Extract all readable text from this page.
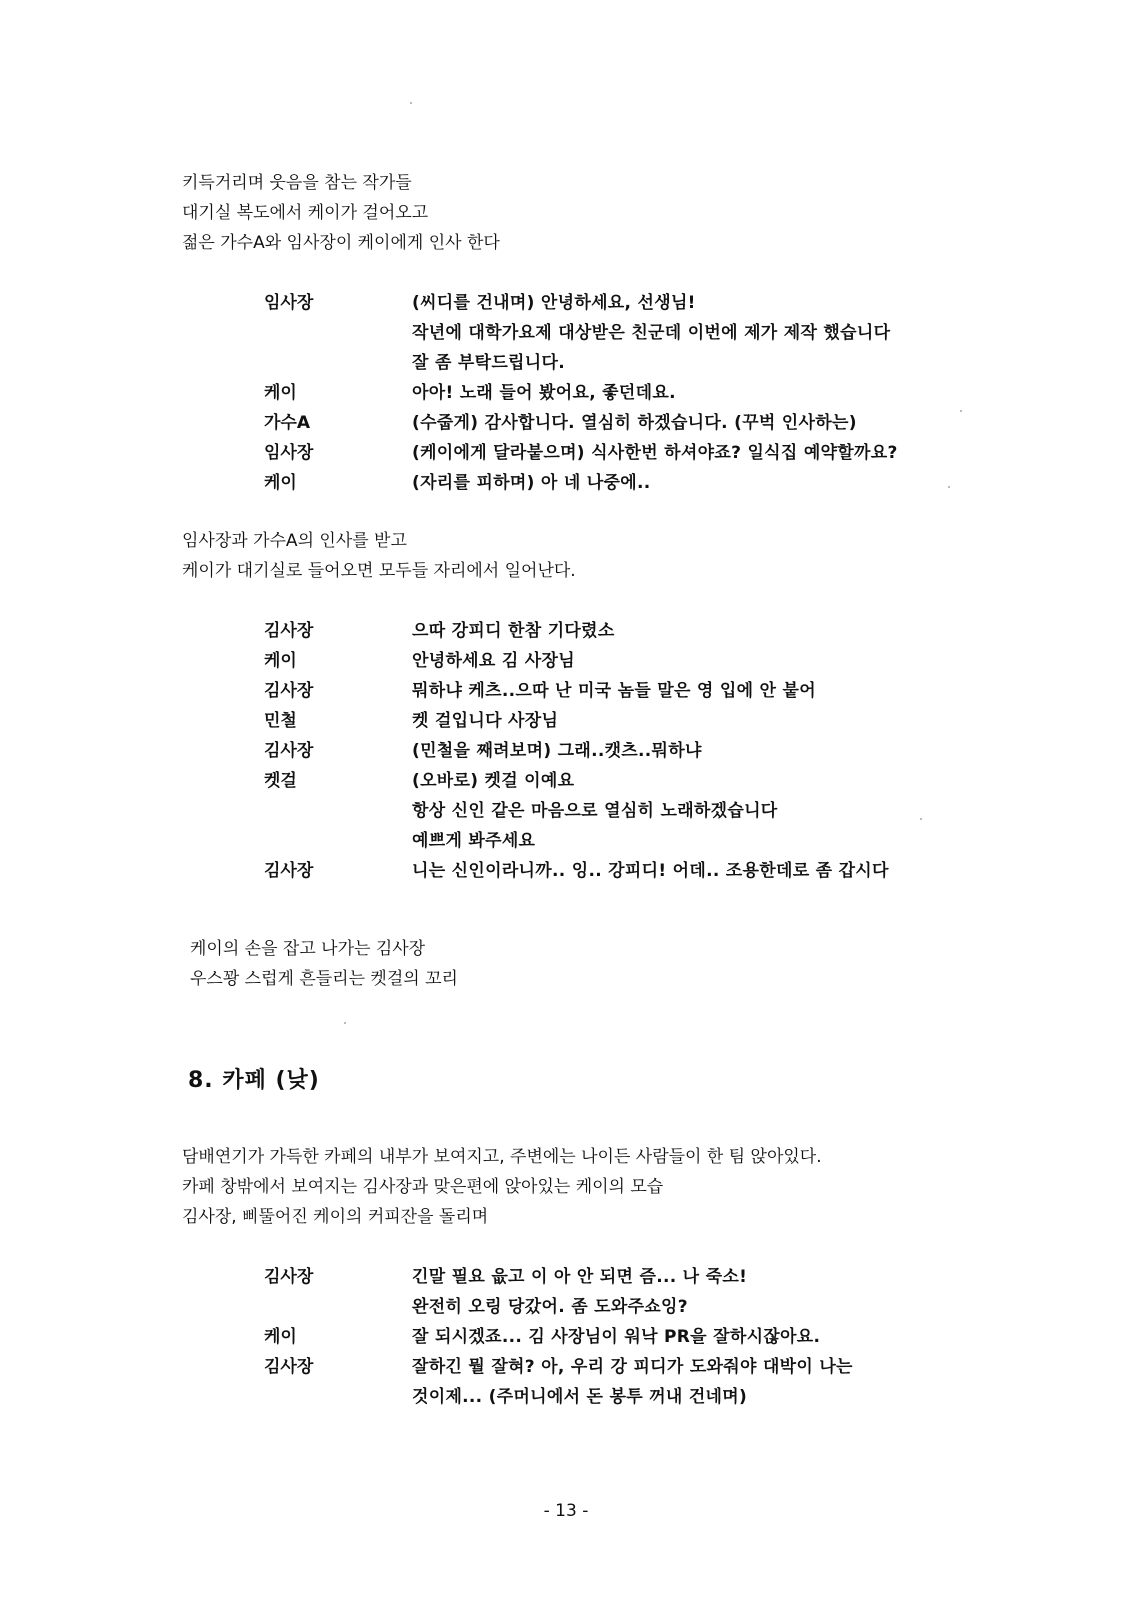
키득거리며 웃음을 참는 작가들
대기실 복도에서 케이가 걸어오고
젊은 가수A와 임사장이 케이에게 인사 한다
임사장	(씨디를 건내며) 안녕하세요, 선생님!
작년에 대학가요제 대상받은 친군데 이번에 제가 제작 했습니다
잘 좀 부탁드립니다.
케이	아아! 노래 들어 봤어요, 좋던데요.
가수A	(수줍게) 감사합니다. 열심히 하겠습니다. (꾸벅 인사하는)
임사장	(케이에게 달라붙으며) 식사한번 하셔야죠? 일식집 예약할까요?
케이	(자리를 피하며) 아 네 나중에..
임사장과 가수A의 인사를 받고
케이가 대기실로 들어오면 모두들 자리에서 일어난다.
김사장	으따 강피디 한참 기다렸소
케이	안녕하세요 김 사장님
김사장	뭐하냐 케츠..으따 난 미국 놈들 말은 영 입에 안 붙어
민철	켓 걸입니다 사장님
김사장	(민철을 째려보며) 그래..캣츠..뭐하냐
켓걸	(오바로) 켓걸 이예요
항상 신인 같은 마음으로 열심히 노래하겠습니다
예쁘게 봐주세요
김사장	니는 신인이라니까.. 잉.. 강피디! 어데.. 조용한데로 좀 갑시다
케이의 손을 잡고 나가는 김사장
우스꽝 스럽게 흔들리는 켓걸의 꼬리
8. 카페 (낮)
담배연기가 가득한 카페의 내부가 보여지고, 주변에는 나이든 사람들이 한 팀 앉아있다.
카페 창밖에서 보여지는 김사장과 맞은편에 앉아있는 케이의 모습
김사장, 삐뚤어진 케이의 커피잔을 돌리며
김사장	긴말 필요 읎고 이 아 안 되면 즘... 나 죽소!
완전히 오링 당갔어. 좀 도와주쇼잉?
케이	잘 되시겠죠... 김 사장님이 워낙 PR을 잘하시잖아요.
김사장	잘하긴 뭘 잘혀? 아, 우리 강 피디가 도와줘야 대박이 나는
것이제... (주머니에서 돈 봉투 꺼내 건네며)
- 13 -
